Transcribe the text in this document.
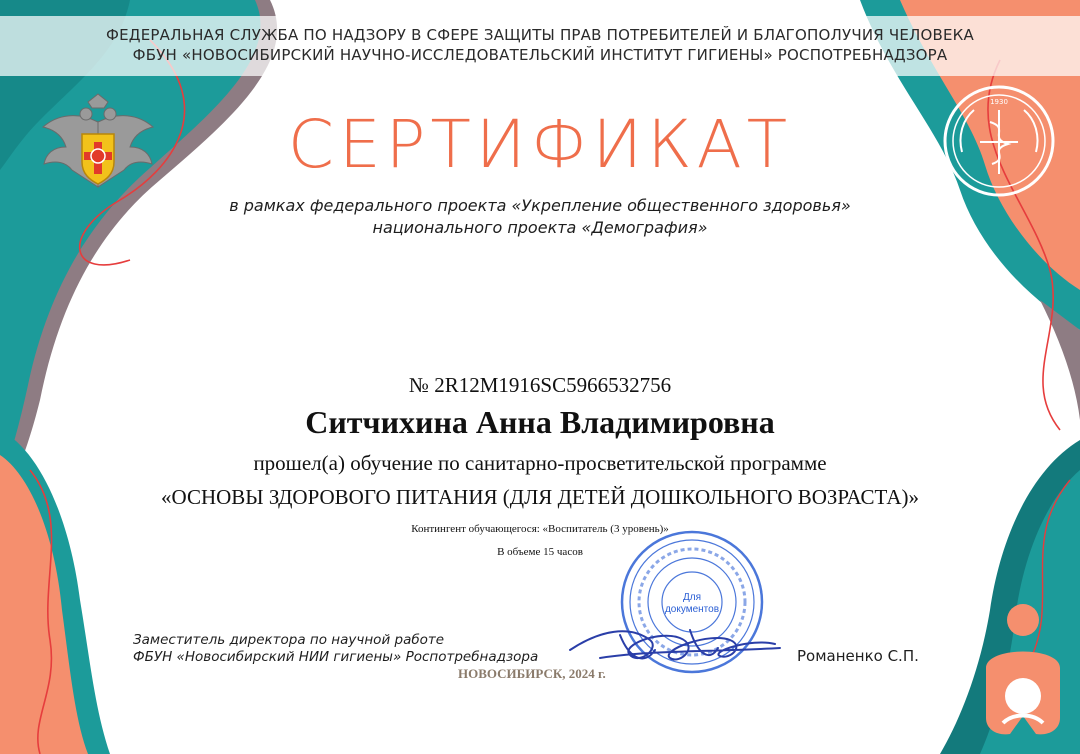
ФЕДЕРАЛЬНАЯ СЛУЖБА ПО НАДЗОРУ В СФЕРЕ ЗАЩИТЫ ПРАВ ПОТРЕБИТЕЛЕЙ И БЛАГОПОЛУЧИЯ ЧЕЛОВЕКА
ФБУН «НОВОСИБИРСКИЙ НАУЧНО-ИССЛЕДОВАТЕЛЬСКИЙ ИНСТИТУТ ГИГИЕНЫ» РОСПОТРЕБНАДЗОРА
1930
СЕРТИФИКАТ
в рамках федерального проекта «Укрепление общественного здоровья»
национального проекта «Демография»
№ 2R12M1916SC5966532756
Ситчихина Анна Владимировна
прошел(а) обучение по санитарно-просветительской программе
«ОСНОВЫ ЗДОРОВОГО ПИТАНИЯ (ДЛЯ ДЕТЕЙ ДОШКОЛЬНОГО ВОЗРАСТА)»
Контингент обучающегося: «Воспитатель (3 уровень)»
В объеме 15 часов
Для
документов
Заместитель директора по научной работе
ФБУН «Новосибирский НИИ гигиены» Роспотребнадзора	Романенко С.П.
НОВОСИБИРСК, 2024 г.
